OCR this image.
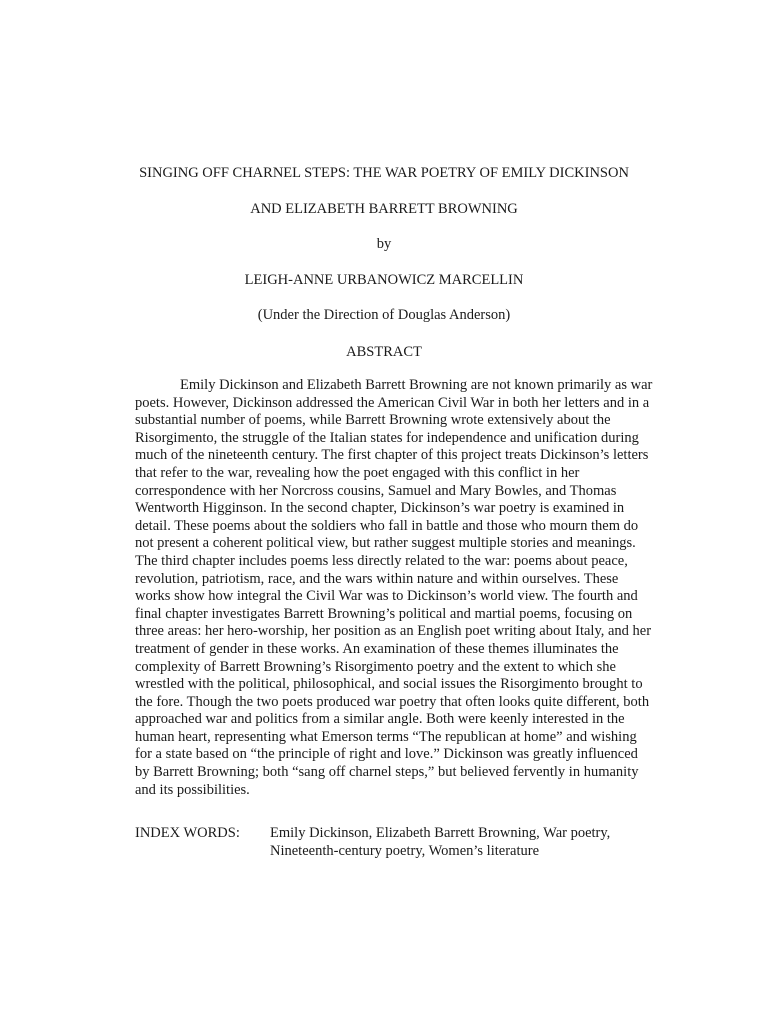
SINGING OFF CHARNEL STEPS: THE WAR POETRY OF EMILY DICKINSON
AND ELIZABETH BARRETT BROWNING
by
LEIGH-ANNE URBANOWICZ MARCELLIN
(Under the Direction of Douglas Anderson)
ABSTRACT
Emily Dickinson and Elizabeth Barrett Browning are not known primarily as war
poets. However, Dickinson addressed the American Civil War in both her letters and in a
substantial number of poems, while Barrett Browning wrote extensively about the
Risorgimento, the struggle of the Italian states for independence and unification during
much of the nineteenth century. The first chapter of this project treats Dickinson’s letters
that refer to the war, revealing how the poet engaged with this conflict in her
correspondence with her Norcross cousins, Samuel and Mary Bowles, and Thomas
Wentworth Higginson. In the second chapter, Dickinson’s war poetry is examined in
detail. These poems about the soldiers who fall in battle and those who mourn them do
not present a coherent political view, but rather suggest multiple stories and meanings.
The third chapter includes poems less directly related to the war: poems about peace,
revolution, patriotism, race, and the wars within nature and within ourselves. These
works show how integral the Civil War was to Dickinson’s world view. The fourth and
final chapter investigates Barrett Browning’s political and martial poems, focusing on
three areas: her hero-worship, her position as an English poet writing about Italy, and her
treatment of gender in these works. An examination of these themes illuminates the
complexity of Barrett Browning’s Risorgimento poetry and the extent to which she
wrestled with the political, philosophical, and social issues the Risorgimento brought to
the fore. Though the two poets produced war poetry that often looks quite different, both
approached war and politics from a similar angle. Both were keenly interested in the
human heart, representing what Emerson terms “The republican at home” and wishing
for a state based on “the principle of right and love.” Dickinson was greatly influenced
by Barrett Browning; both “sang off charnel steps,” but believed fervently in humanity
and its possibilities.
INDEX WORDS: Emily Dickinson, Elizabeth Barrett Browning, War poetry,
Nineteenth-century poetry, Women’s literature
